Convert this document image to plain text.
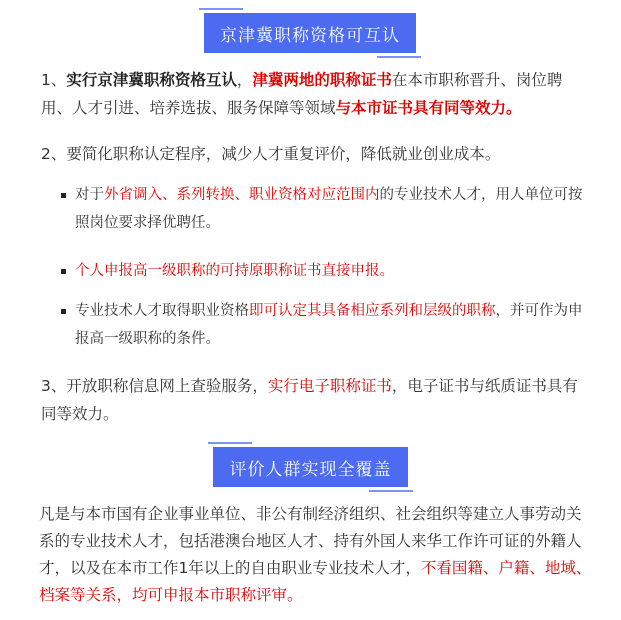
京津冀职称资格可互认

1、实行京津冀职称资格互认，津冀两地的职称证书在本市职称晋升、岗位聘用、人才引进、培养选拔、服务保障等领域与本市证书具有同等效力。

2、要简化职称认定程序，减少人才重复评价，降低就业创业成本。

对于外省调入、系列转换、职业资格对应范围内的专业技术人才，用人单位可按照岗位要求择优聘任。
个人申报高一级职称的可持原职称证书直接申报。
专业技术人才取得职业资格即可认定其具备相应系列和层级的职称，并可作为申报高一级职称的条件。

3、开放职称信息网上查验服务，实行电子职称证书，电子证书与纸质证书具有同等效力。

评价人群实现全覆盖

凡是与本市国有企业事业单位、非公有制经济组织、社会组织等建立人事劳动关系的专业技术人才，包括港澳台地区人才、持有外国人来华工作许可证的外籍人才，以及在本市工作1年以上的自由职业专业技术人才，不看国籍、户籍、地域、档案等关系，均可申报本市职称评审。
